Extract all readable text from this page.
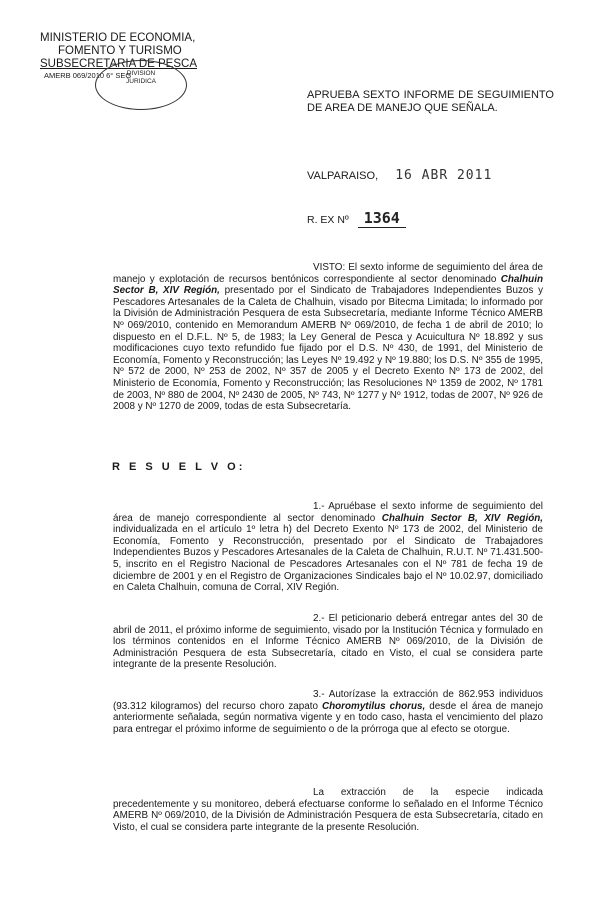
MINISTERIO DE ECONOMIA,
FOMENTO Y TURISMO
SUBSECRETARIA DE PESCA
AMERB 069/2010 6° SEG
DIVISION
JURIDICA
APRUEBA SEXTO INFORME DE SEGUIMIENTO DE AREA DE MANEJO QUE SEÑALA.
VALPARAISO, 16 ABR 2011
R. EX Nº 1364
VISTO: El sexto informe de seguimiento del área de manejo y explotación de recursos bentónicos correspondiente al sector denominado Chalhuin Sector B, XIV Región, presentado por el Sindicato de Trabajadores Independientes Buzos y Pescadores Artesanales de la Caleta de Chalhuin, visado por Bitecma Limitada; lo informado por la División de Administración Pesquera de esta Subsecretaría, mediante Informe Técnico AMERB Nº 069/2010, contenido en Memorandum AMERB Nº 069/2010, de fecha 1 de abril de 2010; lo dispuesto en el D.F.L. Nº 5, de 1983; la Ley General de Pesca y Acuicultura Nº 18.892 y sus modificaciones cuyo texto refundido fue fijado por el D.S. Nº 430, de 1991, del Ministerio de Economía, Fomento y Reconstrucción; las Leyes Nº 19.492 y Nº 19.880; los D.S. Nº 355 de 1995, Nº 572 de 2000, Nº 253 de 2002, Nº 357 de 2005 y el Decreto Exento Nº 173 de 2002, del Ministerio de Economía, Fomento y Reconstrucción; las Resoluciones Nº 1359 de 2002, Nº 1781 de 2003, Nº 880 de 2004, Nº 2430 de 2005, Nº 743, Nº 1277 y Nº 1912, todas de 2007, Nº 926 de 2008 y Nº 1270 de 2009, todas de esta Subsecretaría.
R E S U E L V O:
1.- Apruébase el sexto informe de seguimiento del área de manejo correspondiente al sector denominado Chalhuin Sector B, XIV Región, individualizada en el artículo 1º letra h) del Decreto Exento Nº 173 de 2002, del Ministerio de Economía, Fomento y Reconstrucción, presentado por el Sindicato de Trabajadores Independientes Buzos y Pescadores Artesanales de la Caleta de Chalhuin, R.U.T. Nº 71.431.500-5, inscrito en el Registro Nacional de Pescadores Artesanales con el Nº 781 de fecha 19 de diciembre de 2001 y en el Registro de Organizaciones Sindicales bajo el Nº 10.02.97, domiciliado en Caleta Chalhuin, comuna de Corral, XIV Región.
2.- El peticionario deberá entregar antes del 30 de abril de 2011, el próximo informe de seguimiento, visado por la Institución Técnica y formulado en los términos contenidos en el Informe Técnico AMERB Nº 069/2010, de la División de Administración Pesquera de esta Subsecretaría, citado en Visto, el cual se considera parte integrante de la presente Resolución.
3.- Autorízase la extracción de 862.953 individuos (93.312 kilogramos) del recurso choro zapato Choromytilus chorus, desde el área de manejo anteriormente señalada, según normativa vigente y en todo caso, hasta el vencimiento del plazo para entregar el próximo informe de seguimiento o de la prórroga que al efecto se otorgue.
La extracción de la especie indicada precedentemente y su monitoreo, deberá efectuarse conforme lo señalado en el Informe Técnico AMERB Nº 069/2010, de la División de Administración Pesquera de esta Subsecretaría, citado en Visto, el cual se considera parte integrante de la presente Resolución.
